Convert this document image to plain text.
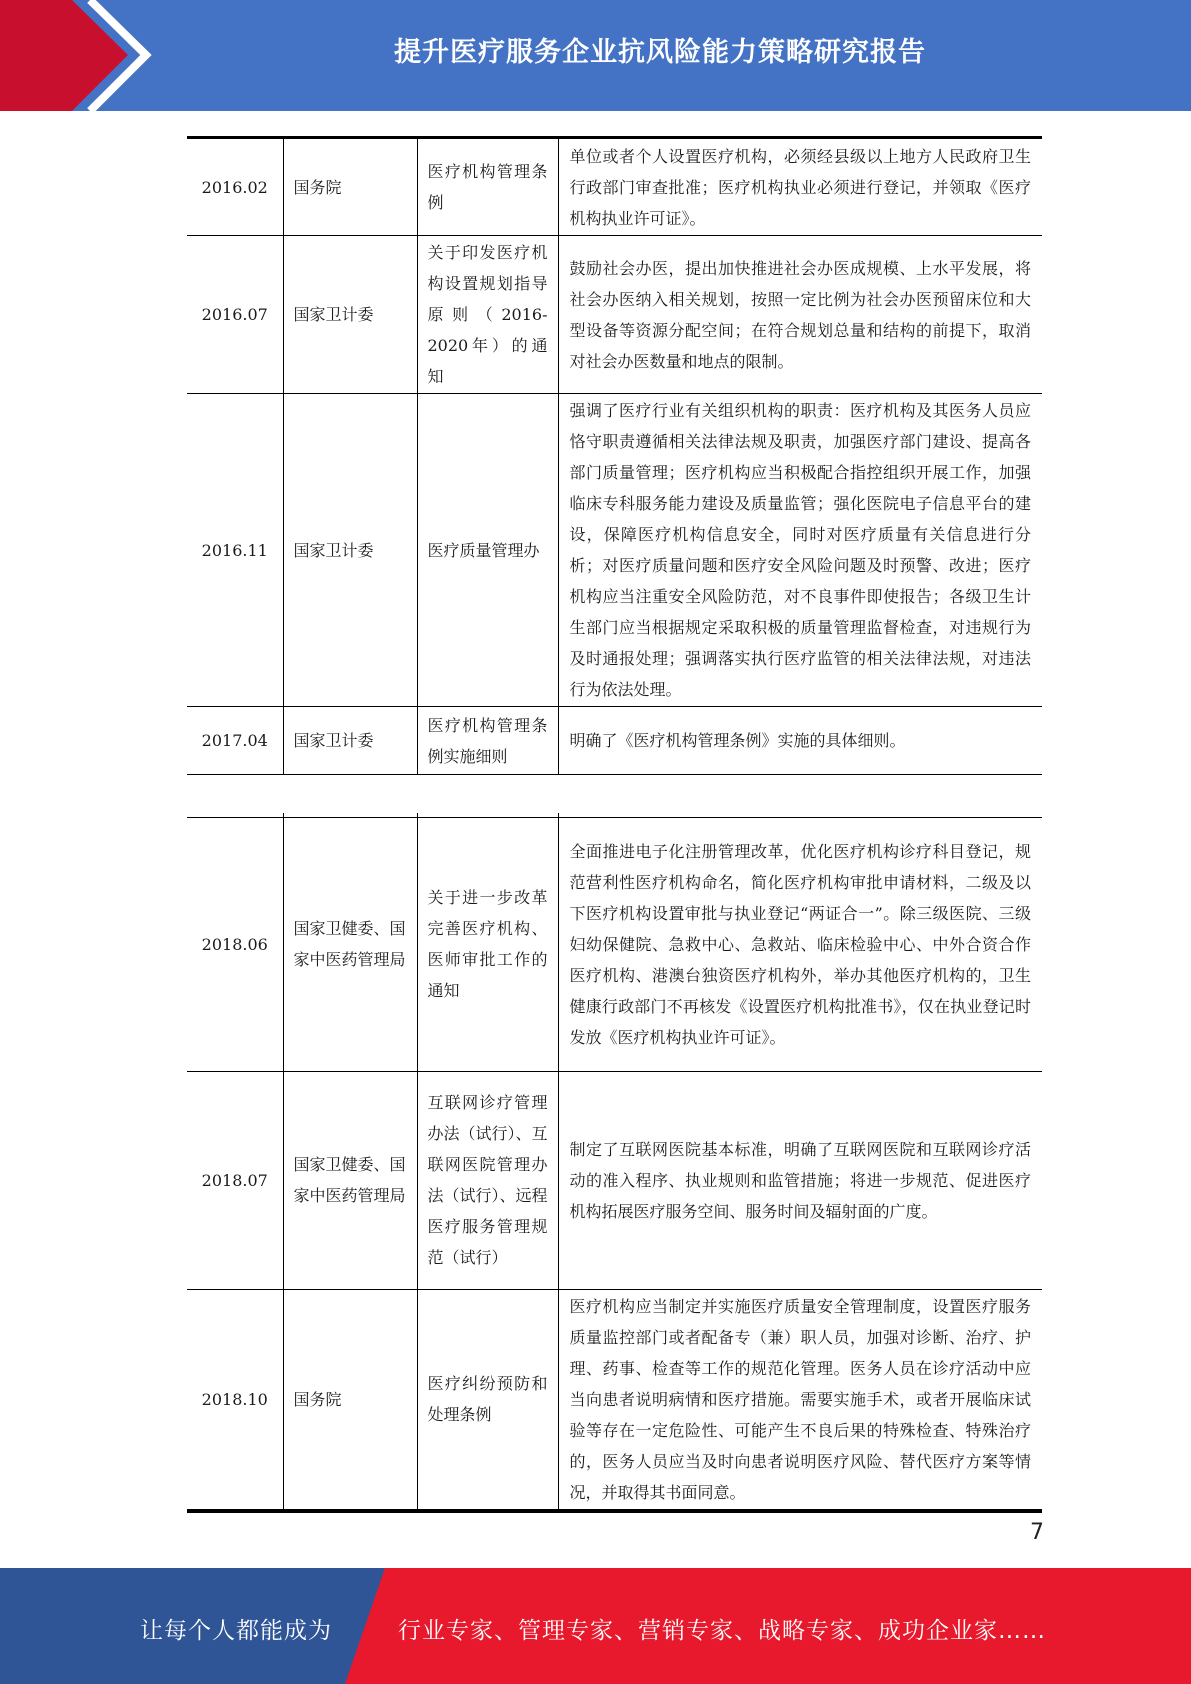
提升医疗服务企业抗风险能力策略研究报告
2016.02	国务院	医疗机构管理条例	单位或者个人设置医疗机构，必须经县级以上地方人民政府卫生行政部门审查批准；医疗机构执业必须进行登记，并领取《医疗机构执业许可证》。
2016.07	国家卫计委	关于印发医疗机构设置规划指导原则（2016-2020年）的通知	鼓励社会办医，提出加快推进社会办医成规模、上水平发展，将社会办医纳入相关规划，按照一定比例为社会办医预留床位和大型设备等资源分配空间；在符合规划总量和结构的前提下，取消对社会办医数量和地点的限制。
2016.11	国家卫计委	医疗质量管理办	强调了医疗行业有关组织机构的职责：医疗机构及其医务人员应恪守职责遵循相关法律法规及职责，加强医疗部门建设、提高各部门质量管理；医疗机构应当积极配合指控组织开展工作，加强临床专科服务能力建设及质量监管；强化医院电子信息平台的建设，保障医疗机构信息安全，同时对医疗质量有关信息进行分析；对医疗质量问题和医疗安全风险问题及时预警、改进；医疗机构应当注重安全风险防范，对不良事件即使报告；各级卫生计生部门应当根据规定采取积极的质量管理监督检查，对违规行为及时通报处理；强调落实执行医疗监管的相关法律法规，对违法行为依法处理。
2017.04	国家卫计委	医疗机构管理条例实施细则	明确了《医疗机构管理条例》实施的具体细则。

2018.06	国家卫健委、国家中医药管理局	关于进一步改革完善医疗机构、医师审批工作的通知	全面推进电子化注册管理改革，优化医疗机构诊疗科目登记，规范营利性医疗机构命名，简化医疗机构审批申请材料，二级及以下医疗机构设置审批与执业登记“两证合一”。除三级医院、三级妇幼保健院、急救中心、急救站、临床检验中心、中外合资合作医疗机构、港澳台独资医疗机构外，举办其他医疗机构的，卫生健康行政部门不再核发《设置医疗机构批准书》，仅在执业登记时发放《医疗机构执业许可证》。
2018.07	国家卫健委、国家中医药管理局	互联网诊疗管理办法（试行）、互联网医院管理办法（试行）、远程医疗服务管理规范（试行）	制定了互联网医院基本标准，明确了互联网医院和互联网诊疗活动的准入程序、执业规则和监管措施；将进一步规范、促进医疗机构拓展医疗服务空间、服务时间及辐射面的广度。
2018.10	国务院	医疗纠纷预防和处理条例	医疗机构应当制定并实施医疗质量安全管理制度，设置医疗服务质量监控部门或者配备专（兼）职人员，加强对诊断、治疗、护理、药事、检查等工作的规范化管理。医务人员在诊疗活动中应当向患者说明病情和医疗措施。需要实施手术，或者开展临床试验等存在一定危险性、可能产生不良后果的特殊检查、特殊治疗的，医务人员应当及时向患者说明医疗风险、替代医疗方案等情况，并取得其书面同意。
7
让每个人都能成为	行业专家、管理专家、营销专家、战略专家、成功企业家……
